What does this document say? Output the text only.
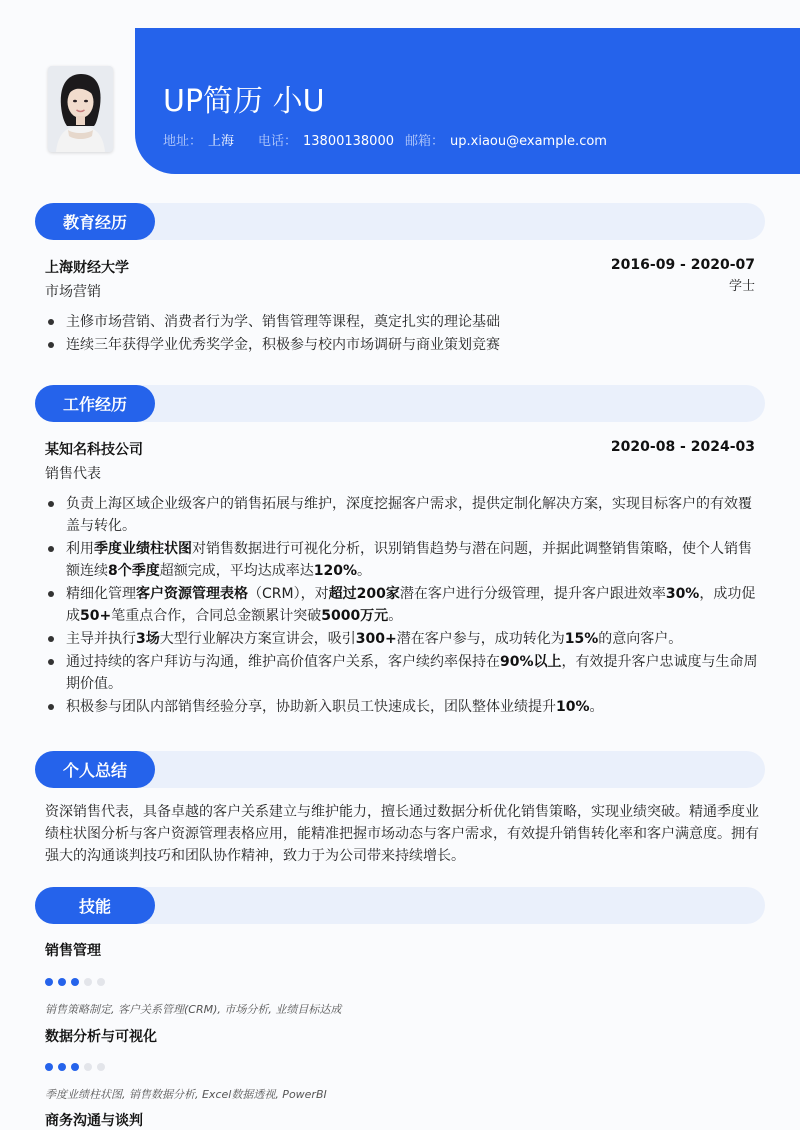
UP简历 小U
地址： 上海 电话： 13800138000 邮箱： up.xiaou@example.com
教育经历
上海财经大学	2016-09 - 2020-07
市场营销	学士
主修市场营销、消费者行为学、销售管理等课程，奠定扎实的理论基础
连续三年获得学业优秀奖学金，积极参与校内市场调研与商业策划竞赛
工作经历
某知名科技公司	2020-08 - 2024-03
销售代表
负责上海区域企业级客户的销售拓展与维护，深度挖掘客户需求，提供定制化解决方案，实现目标客户的有效覆盖与转化。
利用季度业绩柱状图对销售数据进行可视化分析，识别销售趋势与潜在问题，并据此调整销售策略，使个人销售额连续8个季度超额完成，平均达成率达120%。
精细化管理客户资源管理表格（CRM），对超过200家潜在客户进行分级管理，提升客户跟进效率30%，成功促成50+笔重点合作，合同总金额累计突破5000万元。
主导并执行3场大型行业解决方案宣讲会，吸引300+潜在客户参与，成功转化为15%的意向客户。
通过持续的客户拜访与沟通，维护高价值客户关系，客户续约率保持在90%以上，有效提升客户忠诚度与生命周期价值。
积极参与团队内部销售经验分享，协助新入职员工快速成长，团队整体业绩提升10%。
个人总结
资深销售代表，具备卓越的客户关系建立与维护能力，擅长通过数据分析优化销售策略，实现业绩突破。精通季度业绩柱状图分析与客户资源管理表格应用，能精准把握市场动态与客户需求，有效提升销售转化率和客户满意度。拥有强大的沟通谈判技巧和团队协作精神，致力于为公司带来持续增长。
技能
销售管理
销售策略制定, 客户关系管理(CRM), 市场分析, 业绩目标达成
数据分析与可视化
季度业绩柱状图, 销售数据分析, Excel数据透视, PowerBI
商务沟通与谈判
